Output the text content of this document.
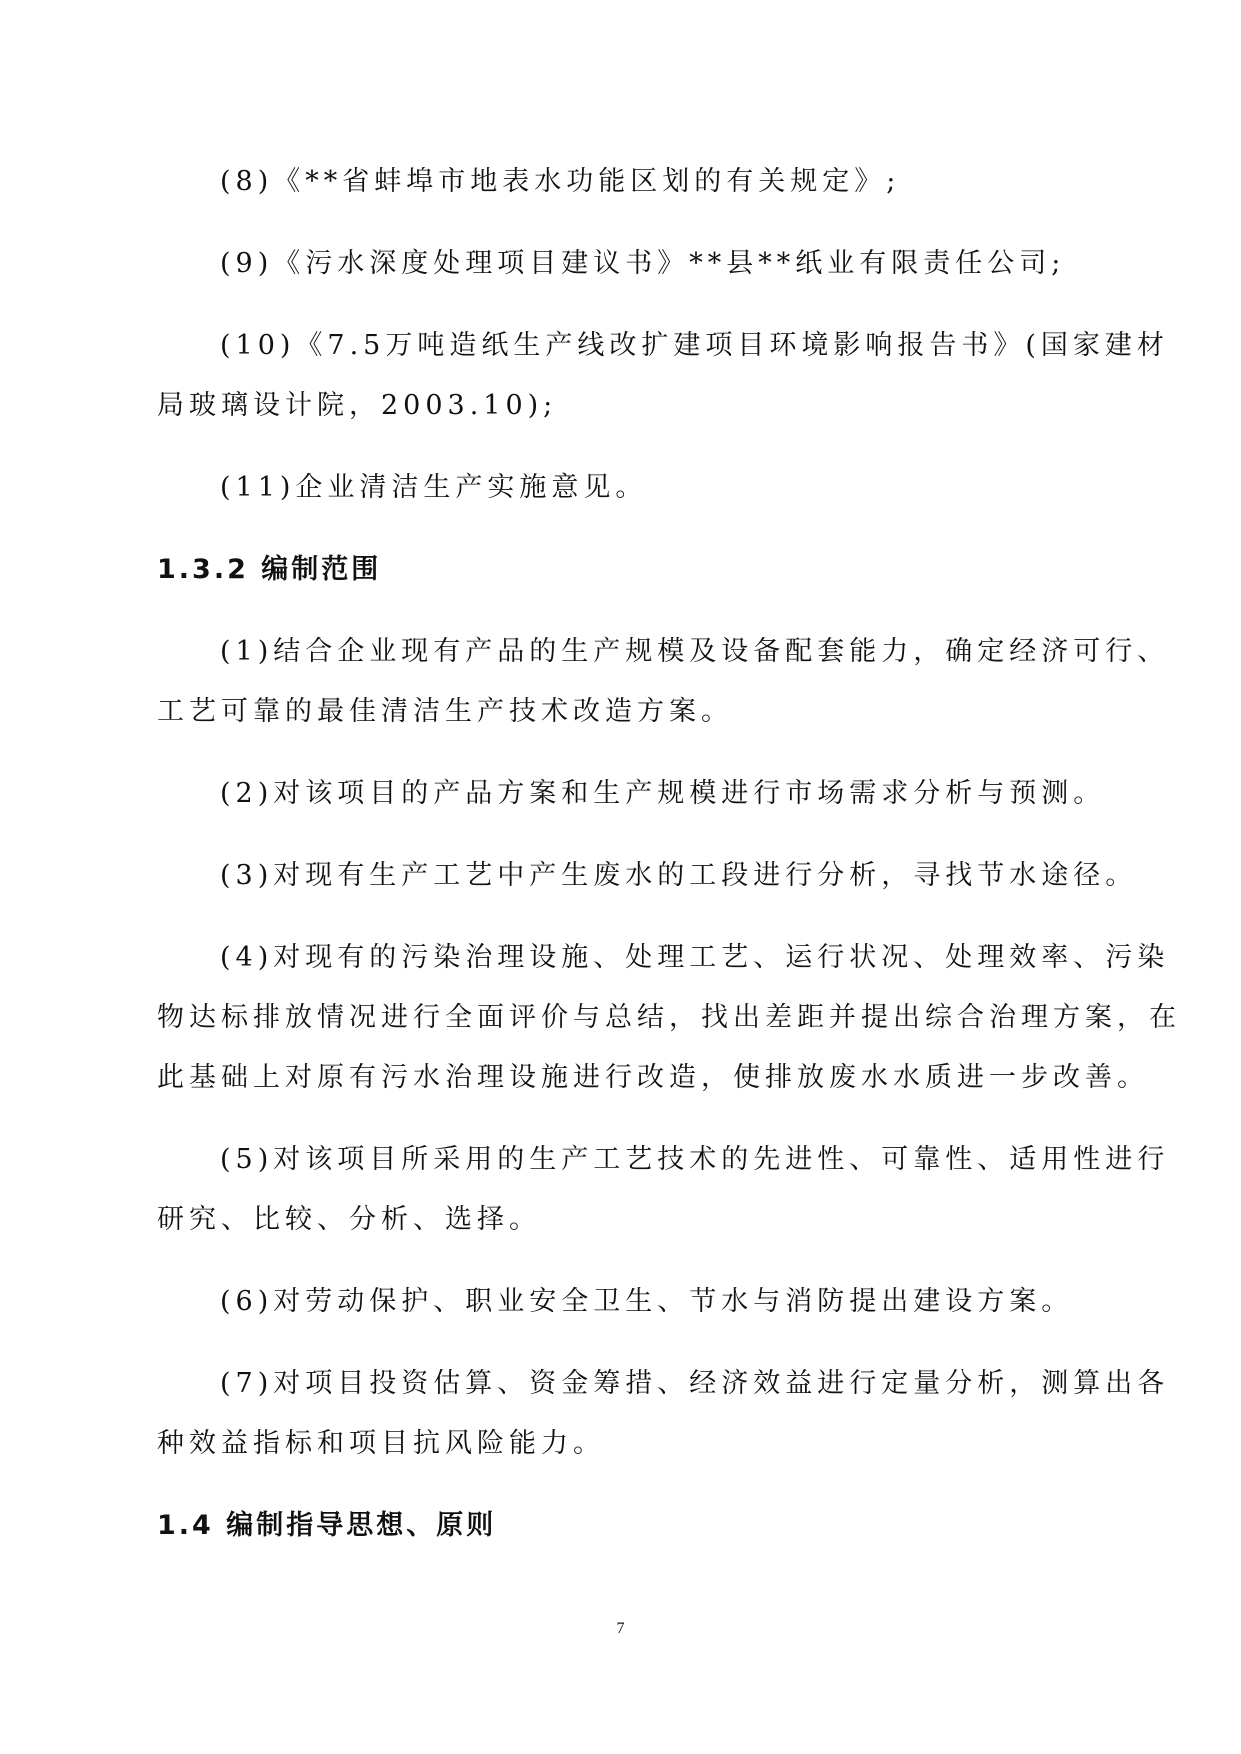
(8)《**省蚌埠市地表水功能区划的有关规定》;
(9)《污水深度处理项目建议书》**县**纸业有限责任公司;
(10)《7.5万吨造纸生产线改扩建项目环境影响报告书》(国家建材
局玻璃设计院，2003.10);
(11)企业清洁生产实施意见。
1.3.2 编制范围
(1)结合企业现有产品的生产规模及设备配套能力，确定经济可行、
工艺可靠的最佳清洁生产技术改造方案。
(2)对该项目的产品方案和生产规模进行市场需求分析与预测。
(3)对现有生产工艺中产生废水的工段进行分析，寻找节水途径。
(4)对现有的污染治理设施、处理工艺、运行状况、处理效率、污染
物达标排放情况进行全面评价与总结，找出差距并提出综合治理方案，在
此基础上对原有污水治理设施进行改造，使排放废水水质进一步改善。
(5)对该项目所采用的生产工艺技术的先进性、可靠性、适用性进行
研究、比较、分析、选择。
(6)对劳动保护、职业安全卫生、节水与消防提出建设方案。
(7)对项目投资估算、资金筹措、经济效益进行定量分析，测算出各
种效益指标和项目抗风险能力。
1.4 编制指导思想、原则
7
